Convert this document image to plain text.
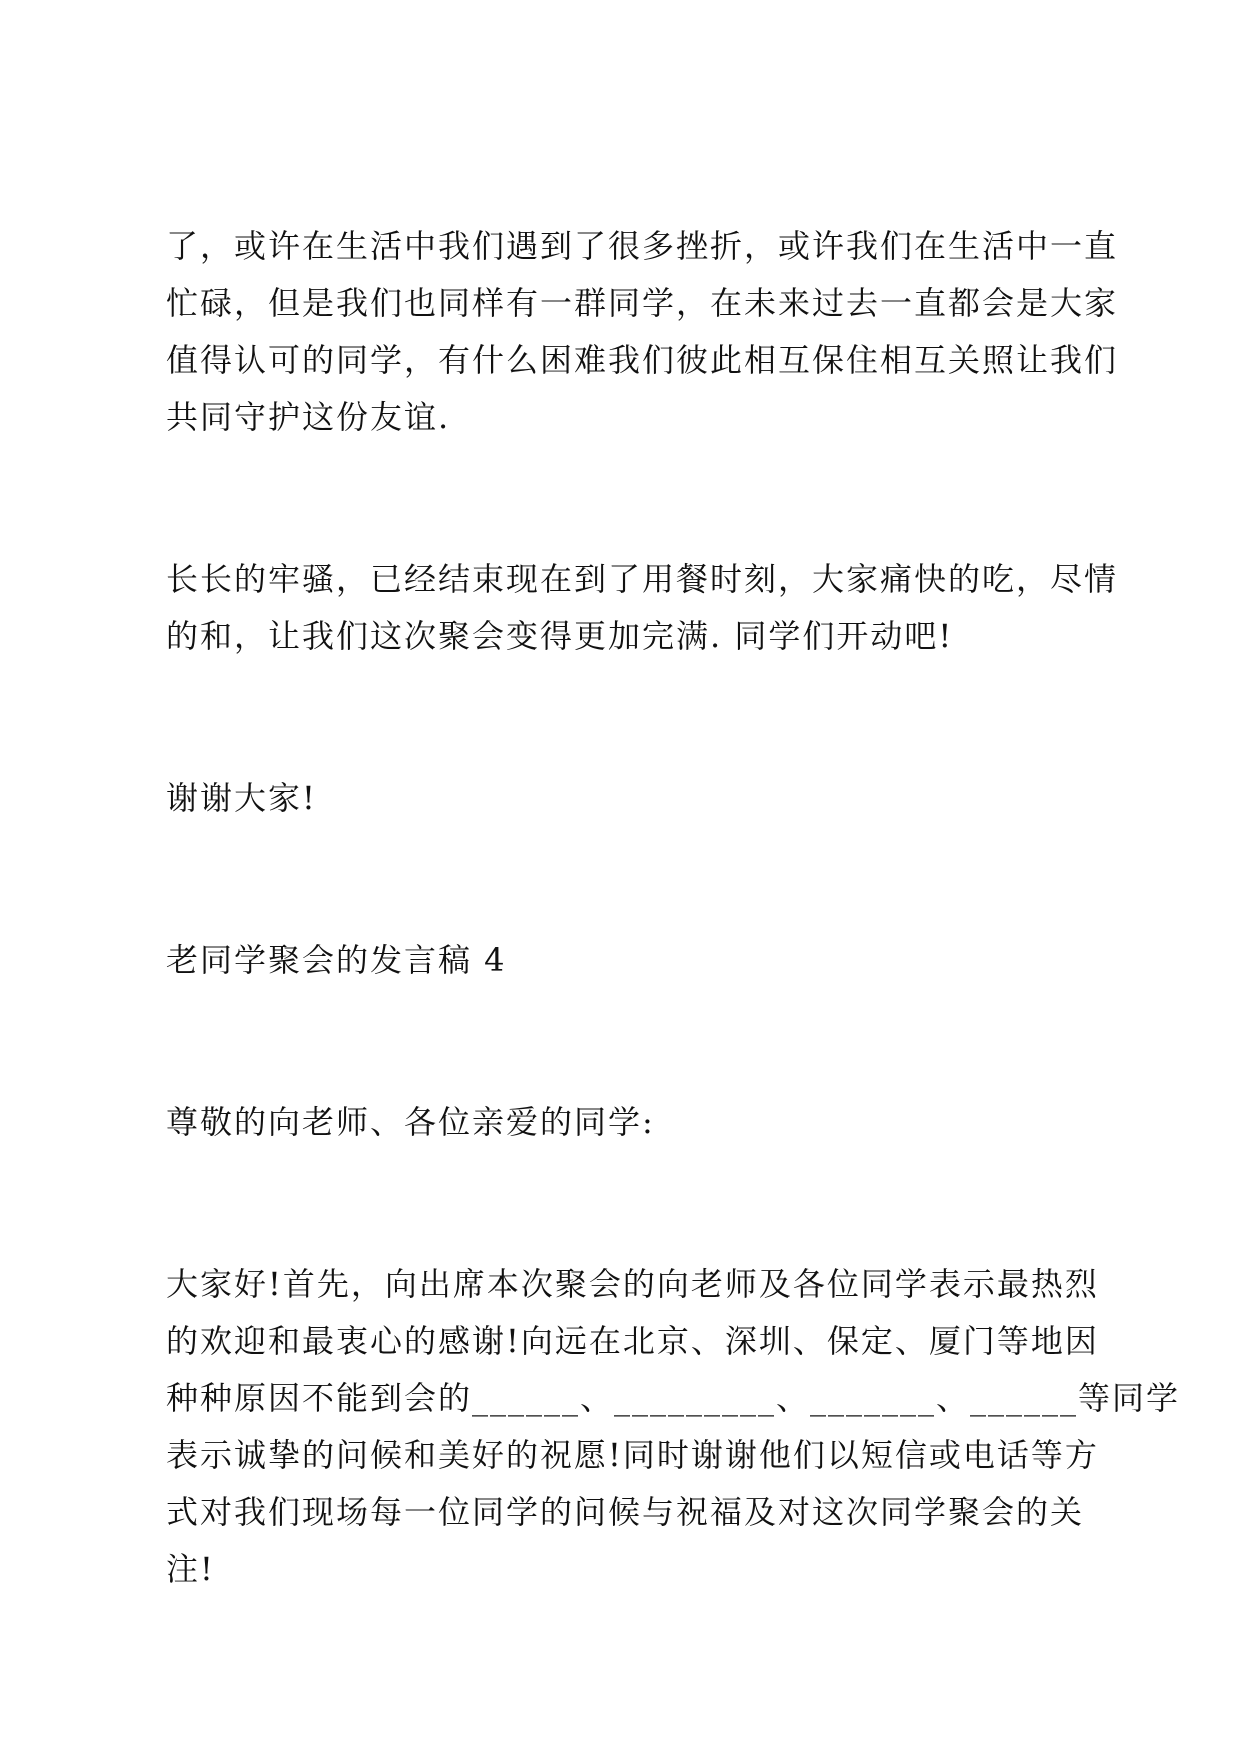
了，或许在生活中我们遇到了很多挫折，或许我们在生活中一直
忙碌，但是我们也同样有一群同学，在未来过去一直都会是大家
值得认可的同学，有什么困难我们彼此相互保住相互关照让我们
共同守护这份友谊.

长长的牢骚，已经结束现在到了用餐时刻，大家痛快的吃，尽情
的和，让我们这次聚会变得更加完满. 同学们开动吧!

谢谢大家!

老同学聚会的发言稿 4

尊敬的向老师、各位亲爱的同学:

大家好!首先，向出席本次聚会的向老师及各位同学表示最热烈
的欢迎和最衷心的感谢!向远在北京、深圳、保定、厦门等地因
种种原因不能到会的______、_________、_______、______等同学
表示诚挚的问候和美好的祝愿!同时谢谢他们以短信或电话等方
式对我们现场每一位同学的问候与祝福及对这次同学聚会的关
注!
